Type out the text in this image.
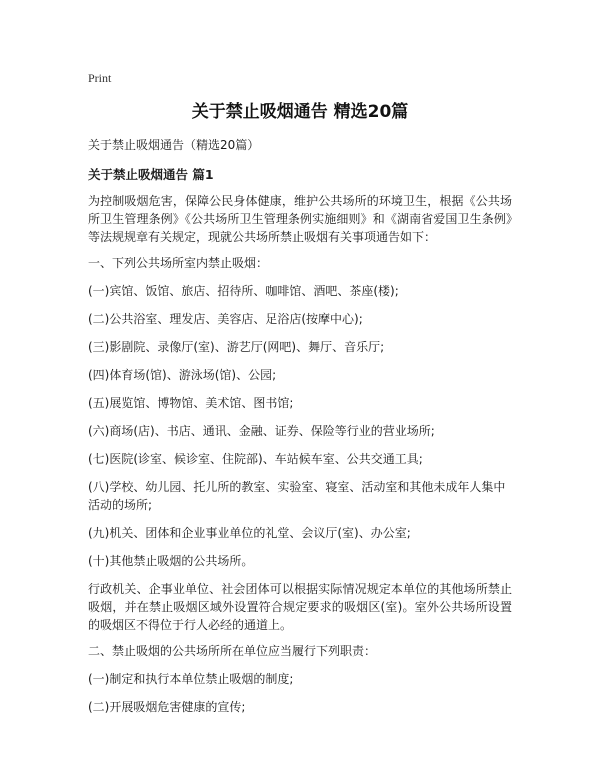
Print
关于禁止吸烟通告 精选20篇
关于禁止吸烟通告（精选20篇）
关于禁止吸烟通告 篇1
为控制吸烟危害，保障公民身体健康，维护公共场所的环境卫生，根据《公共场所卫生管理条例》《公共场所卫生管理条例实施细则》和《湖南省爱国卫生条例》等法规规章有关规定，现就公共场所禁止吸烟有关事项通告如下：
一、下列公共场所室内禁止吸烟：
(一)宾馆、饭馆、旅店、招待所、咖啡馆、酒吧、茶座(楼);
(二)公共浴室、理发店、美容店、足浴店(按摩中心);
(三)影剧院、录像厅(室)、游艺厅(网吧)、舞厅、音乐厅;
(四)体育场(馆)、游泳场(馆)、公园;
(五)展览馆、博物馆、美术馆、图书馆;
(六)商场(店)、书店、通讯、金融、证券、保险等行业的营业场所;
(七)医院(诊室、候诊室、住院部)、车站候车室、公共交通工具;
(八)学校、幼儿园、托儿所的教室、实验室、寝室、活动室和其他未成年人集中活动的场所;
(九)机关、团体和企业事业单位的礼堂、会议厅(室)、办公室;
(十)其他禁止吸烟的公共场所。
行政机关、企事业单位、社会团体可以根据实际情况规定本单位的其他场所禁止吸烟，并在禁止吸烟区域外设置符合规定要求的吸烟区(室)。室外公共场所设置的吸烟区不得位于行人必经的通道上。
二、禁止吸烟的公共场所所在单位应当履行下列职责：
(一)制定和执行本单位禁止吸烟的制度;
(二)开展吸烟危害健康的宣传;
